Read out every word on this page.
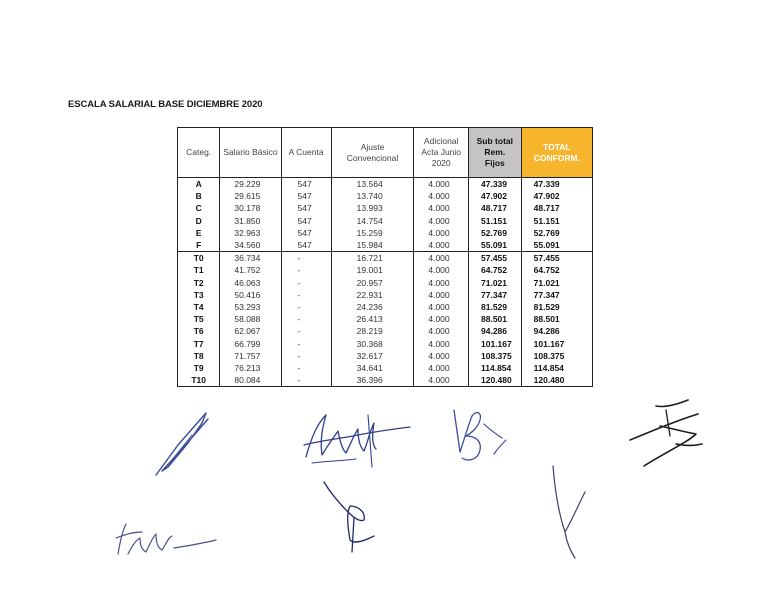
ESCALA SALARIAL BASE DICIEMBRE 2020
Categ.	Salario Básico	A Cuenta	Ajuste Convencional	Adicional Acta Junio 2020	Sub total Rem. Fijos	TOTAL CONFORM.
A	29.229	547	13.564	4.000	47.339	47.339
B	29.615	547	13.740	4.000	47.902	47.902
C	30.178	547	13.993	4.000	48.717	48.717
D	31.850	547	14.754	4.000	51.151	51.151
E	32.963	547	15.259	4.000	52.769	52.769
F	34.560	547	15.984	4.000	55.091	55.091
T0	36.734	-	16.721	4.000	57.455	57.455
T1	41.752	-	19.001	4.000	64.752	64.752
T2	46.063	-	20.957	4.000	71.021	71.021
T3	50.416	-	22.931	4.000	77.347	77.347
T4	53.293	-	24.236	4.000	81.529	81.529
T5	58.088	-	26.413	4.000	88.501	88.501
T6	62.067	-	28.219	4.000	94.286	94.286
T7	66.799	-	30.368	4.000	101.167	101.167
T8	71.757	-	32.617	4.000	108.375	108.375
T9	76.213	-	34.641	4.000	114.854	114.854
T10	80.084	-	36.396	4.000	120.480	120.480
